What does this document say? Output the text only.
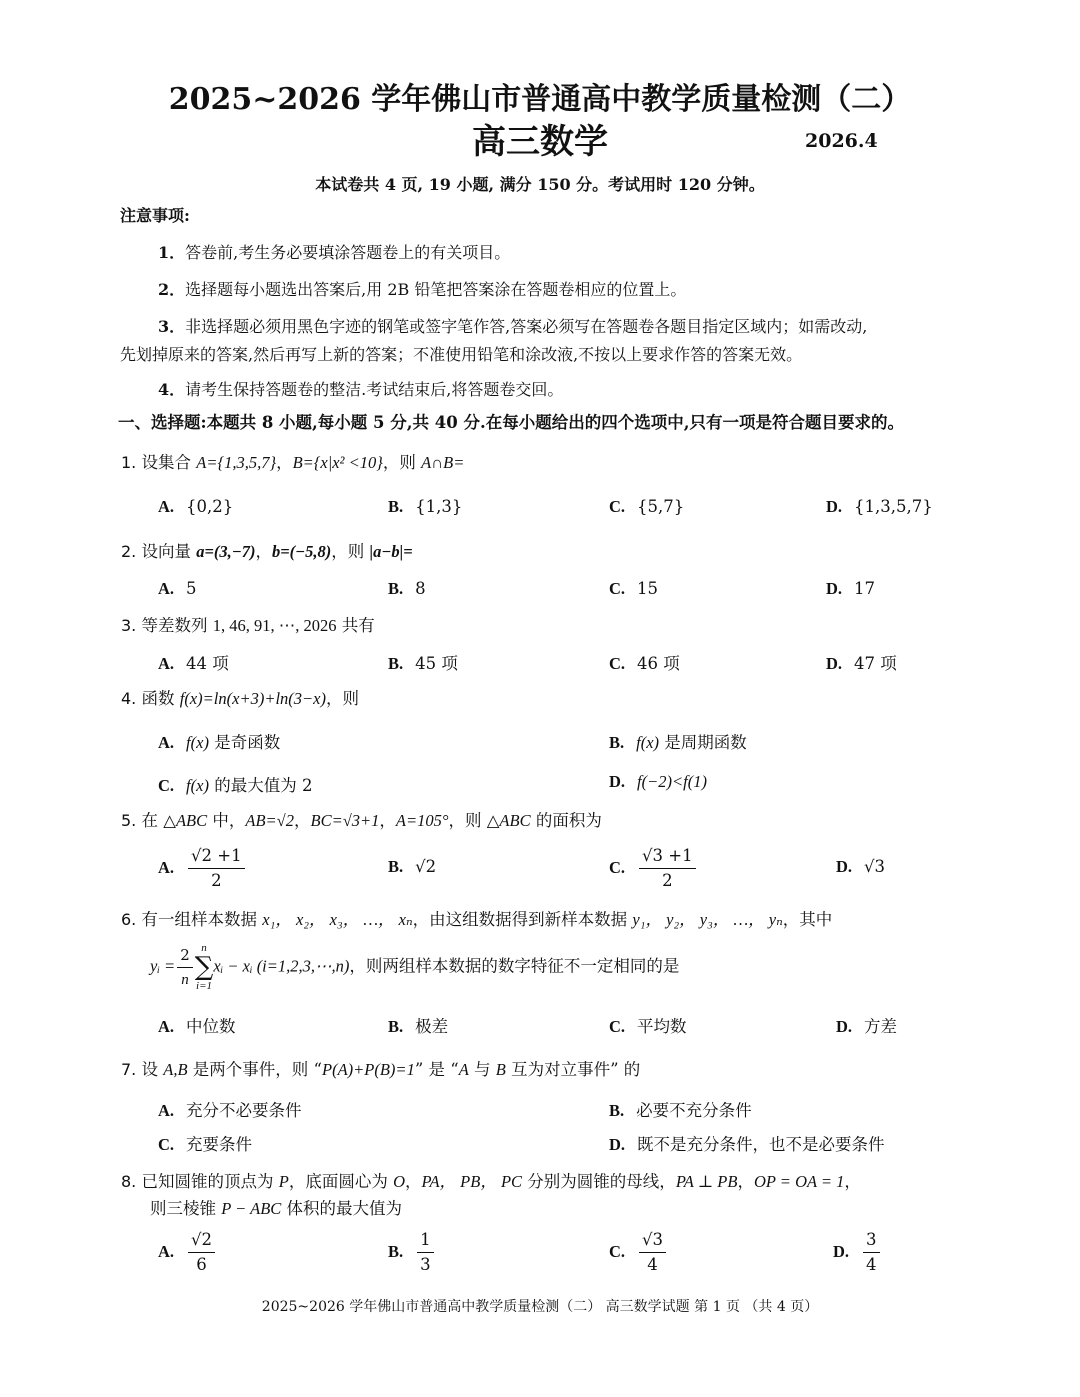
2025~2026 学年佛山市普通高中教学质量检测（二）
高三数学	2026.4
本试卷共 4 页, 19 小题, 满分 150 分。考试用时 120 分钟。
注意事项:
1．答卷前,考生务必要填涂答题卷上的有关项目。
2．选择题每小题选出答案后,用 2B 铅笔把答案涂在答题卷相应的位置上。
3．非选择题必须用黑色字迹的钢笔或签字笔作答,答案必须写在答题卷各题目指定区域内；如需改动,
先划掉原来的答案,然后再写上新的答案；不准使用铅笔和涂改液,不按以上要求作答的答案无效。
4．请考生保持答题卷的整洁.考试结束后,将答题卷交回。
一、选择题:本题共 8 小题,每小题 5 分,共 40 分.在每小题给出的四个选项中,只有一项是符合题目要求的。
1. 设集合 A={1,3,5,7}，B={x|x² <10}，则 A∩B=
A. {0,2}	B. {1,3}	C. {5,7}	D. {1,3,5,7}
2. 设向量 a=(3,−7)，b=(−5,8)，则 |a−b|=
A. 5	B. 8	C. 15	D. 17
3. 等差数列 1, 46, 91, ⋯, 2026 共有
A. 44 项	B. 45 项	C. 46 项	D. 47 项
4. 函数 f(x)=ln(x+3)+ln(3−x)，则
A. f(x) 是奇函数	B. f(x) 是周期函数
C. f(x) 的最大值为 2	D. f(−2)<f(1)
5. 在 △ABC 中，AB=√2，BC=√3+1，A=105°，则 △ABC 的面积为
A. $\frac{√2 +1}{2}$	B. √2	C. $\frac{√3 +1}{2}$	D. √3
6. 有一组样本数据 x₁， x₂， x₃， …， xₙ，由这组数据得到新样本数据 y₁， y₂， y₃， …， yₙ，其中
yᵢ = $\frac{2}{n}$ n
∑
i=1xᵢ − xᵢ (i=1,2,3,⋯,n)，则两组样本数据的数字特征不一定相同的是
A. 中位数	B. 极差	C. 平均数	D. 方差
7. 设 A,B 是两个事件，则 “P(A)+P(B)=1” 是 “A 与 B 互为对立事件” 的
A. 充分不必要条件	B. 必要不充分条件
C. 充要条件	D. 既不是充分条件，也不是必要条件
8. 已知圆锥的顶点为 P，底面圆心为 O，PA， PB， PC 分别为圆锥的母线，PA ⊥ PB，OP = OA = 1，
则三棱锥 P − ABC 体积的最大值为
A. $\frac{√2}{6}$	B. $\frac{1}{3}$	C. $\frac{√3}{4}$	D. $\frac{3}{4}$
2025~2026 学年佛山市普通高中教学质量检测（二） 高三数学试题 第 1 页 （共 4 页）
